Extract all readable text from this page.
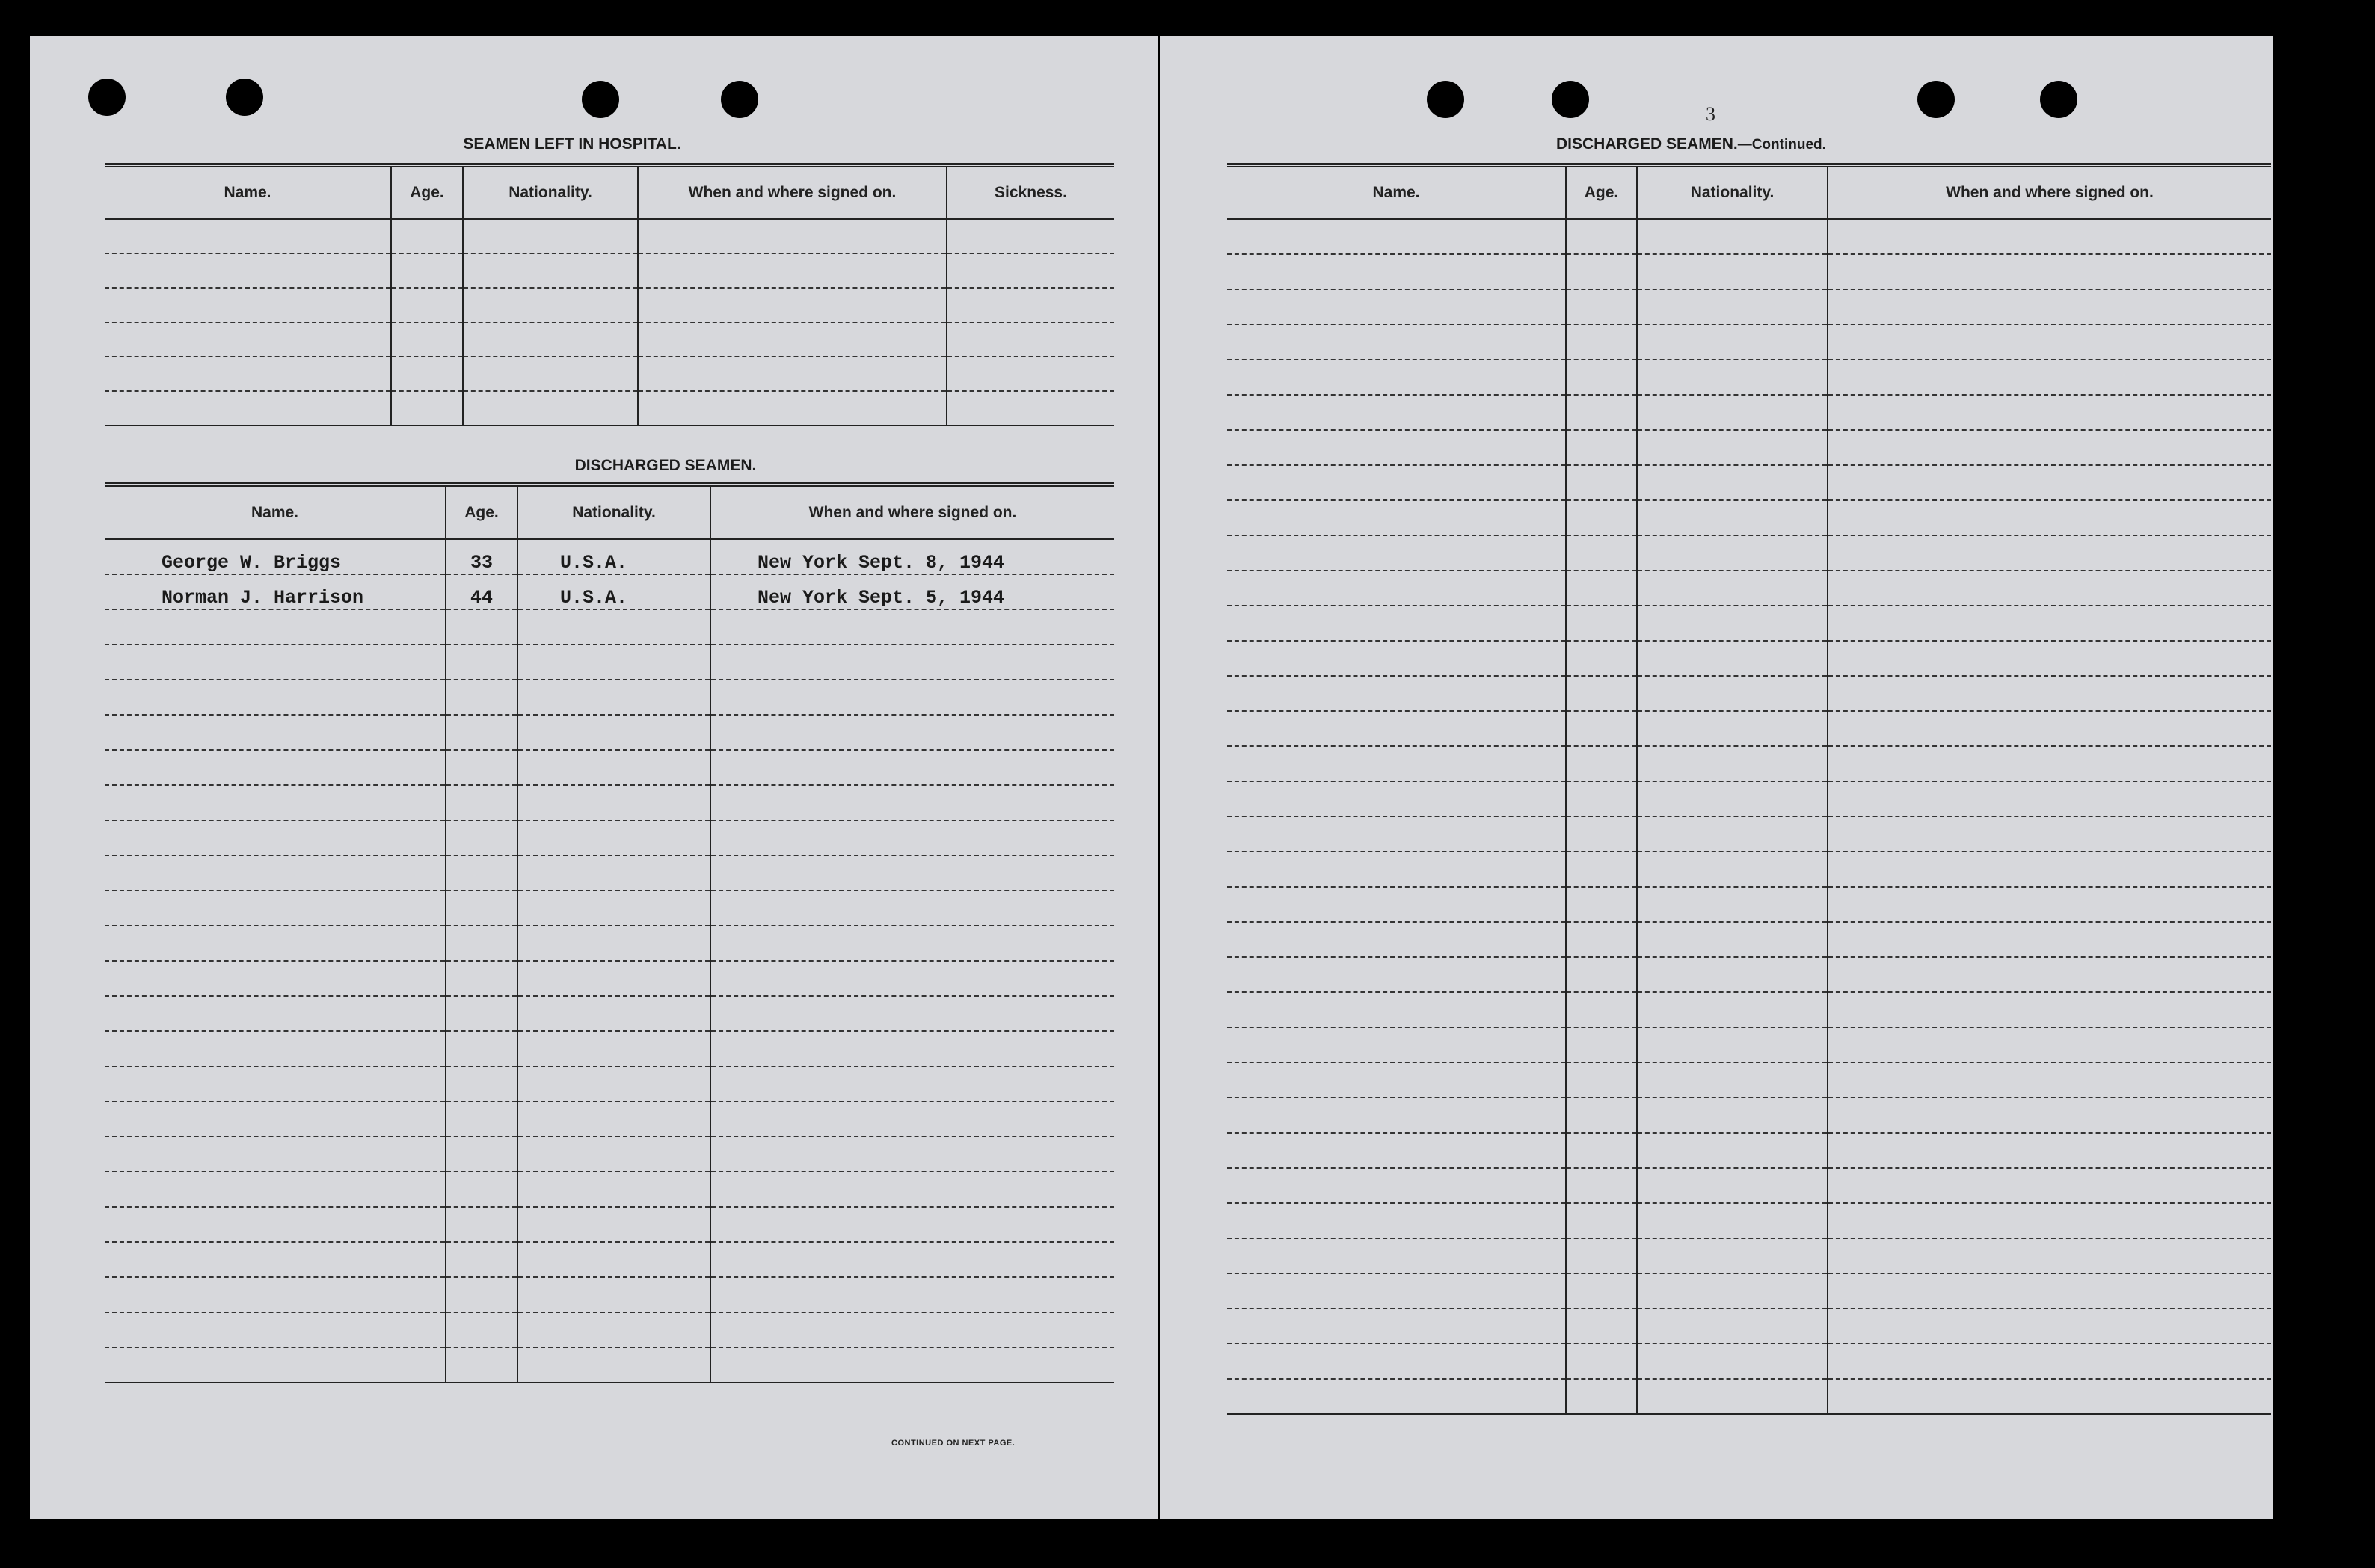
SEAMEN LEFT IN HOSPITAL.
Name.	Age.	Nationality.	When and where signed on.	Sickness.

DISCHARGED SEAMEN.
Name.	Age.	Nationality.	When and where signed on.
George W. Briggs	33	U.S.A.	New York Sept. 8, 1944
Norman J. Harrison	44	U.S.A.	New York Sept. 5, 1944

CONTINUED ON NEXT PAGE.
3
DISCHARGED SEAMEN.—Continued.
Name.	Age.	Nationality.	When and where signed on.
